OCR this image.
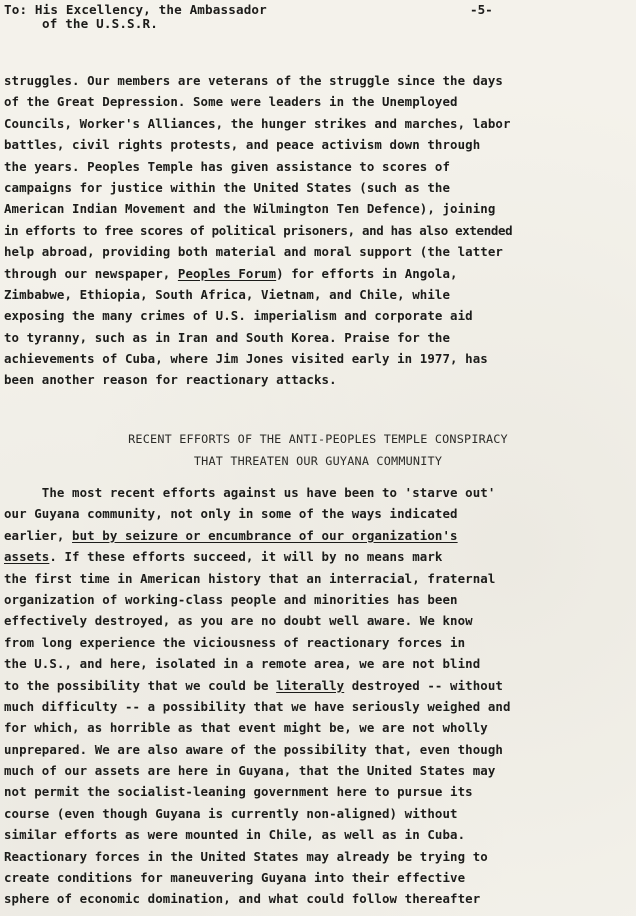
To: His Excellency, the Ambassador
of the U.S.S.R.
-5-
struggles. Our members are veterans of the struggle since the days
of the Great Depression. Some were leaders in the Unemployed
Councils, Worker's Alliances, the hunger strikes and marches, labor
battles, civil rights protests, and peace activism down through
the years. Peoples Temple has given assistance to scores of
campaigns for justice within the United States (such as the
American Indian Movement and the Wilmington Ten Defence), joining
in efforts to free scores of political prisoners, and has also extended
help abroad, providing both material and moral support (the latter
through our newspaper, Peoples Forum) for efforts in Angola,
Zimbabwe, Ethiopia, South Africa, Vietnam, and Chile, while
exposing the many crimes of U.S. imperialism and corporate aid
to tyranny, such as in Iran and South Korea. Praise for the
achievements of Cuba, where Jim Jones visited early in 1977, has
been another reason for reactionary attacks.
RECENT EFFORTS OF THE ANTI-PEOPLES TEMPLE CONSPIRACY
THAT THREATEN OUR GUYANA COMMUNITY
The most recent efforts against us have been to 'starve out'
our Guyana community, not only in some of the ways indicated
earlier, but by seizure or encumbrance of our organization's
assets. If these efforts succeed, it will by no means mark
the first time in American history that an interracial, fraternal
organization of working-class people and minorities has been
effectively destroyed, as you are no doubt well aware. We know
from long experience the viciousness of reactionary forces in
the U.S., and here, isolated in a remote area, we are not blind
to the possibility that we could be literally destroyed -- without
much difficulty -- a possibility that we have seriously weighed and
for which, as horrible as that event might be, we are not wholly
unprepared. We are also aware of the possibility that, even though
much of our assets are here in Guyana, that the United States may
not permit the socialist-leaning government here to pursue its
course (even though Guyana is currently non-aligned) without
similar efforts as were mounted in Chile, as well as in Cuba.
Reactionary forces in the United States may already be trying to
create conditions for maneuvering Guyana into their effective
sphere of economic domination, and what could follow thereafter
